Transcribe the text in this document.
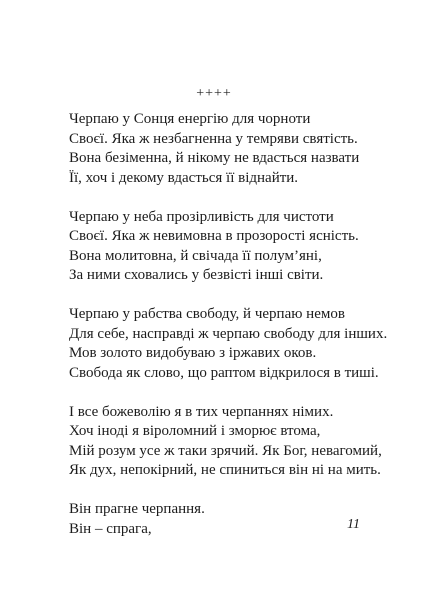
++++
Черпаю у Сонця енергію для чорноти
Своєї. Яка ж незбагненна у темряви святість.
Вона безіменна, й нікому не вдасться назвати
Її, хоч і декому вдасться її віднайти.
Черпаю у неба прозірливість для чистоти
Своєї. Яка ж невимовна в прозорості ясність.
Вона молитовна, й свічада її полум’яні,
За ними сховались у безвісті інші світи.
Черпаю у рабства свободу, й черпаю немов
Для себе, насправді ж черпаю свободу для інших.
Мов золото видобуваю з іржавих оков.
Свобода як слово, що раптом відкрилося в тиші.
І все божеволію я в тих черпаннях німих.
Хоч іноді я віроломний і зморює втома,
Мій розум усе ж таки зрячий. Як Бог, невагомий,
Як дух, непокірний, не спиниться він ні на мить.
Він прагне черпання.
Він – спрага,	11
